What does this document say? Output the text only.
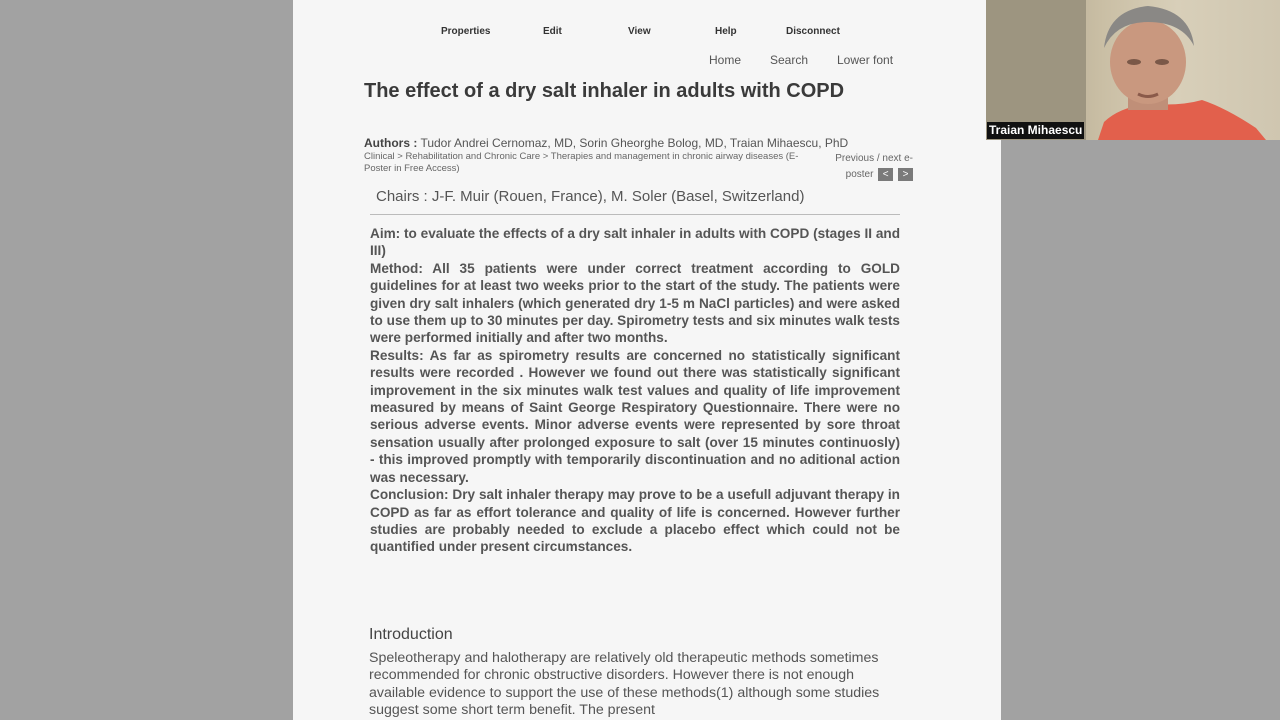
Properties	Edit	View	Help	Disconnect
Home Search Lower font
The effect of a dry salt inhaler in adults with COPD
Authors : Tudor Andrei Cernomaz, MD, Sorin Gheorghe Bolog, MD, Traian Mihaescu, PhD
Clinical > Rehabilitation and Chronic Care > Therapies and management in chronic airway diseases (E-Poster in Free Access)
Previous / next e-poster < >
Chairs : J-F. Muir (Rouen, France), M. Soler (Basel, Switzerland)

Aim: to evaluate the effects of a dry salt inhaler in adults with COPD (stages II and III)

Method: All 35 patients were under correct treatment according to GOLD guidelines for at least two weeks prior to the start of the study. The patients were given dry salt inhalers (which generated dry 1-5 m NaCl particles) and were asked to use them up to 30 minutes per day. Spirometry tests and six minutes walk tests were performed initially and after two months.

Results: As far as spirometry results are concerned no statistically significant results were recorded . However we found out there was statistically significant improvement in the six minutes walk test values and quality of life improvement measured by means of Saint George Respiratory Questionnaire. There were no serious adverse events. Minor adverse events were represented by sore throat sensation usually after prolonged exposure to salt (over 15 minutes continuosly) - this improved promptly with temporarily discontinuation and no aditional action was necessary.

Conclusion: Dry salt inhaler therapy may prove to be a usefull adjuvant therapy in COPD as far as effort tolerance and quality of life is concerned. However further studies are probably needed to exclude a placebo effect which could not be quantified under present circumstances.

Introduction
Speleotherapy and halotherapy are relatively old therapeutic methods sometimes recommended for chronic obstructive disorders. However there is not enough available evidence to support the use of these methods(1) although some studies suggest some short term benefit. The present
Traian Mihaescu
